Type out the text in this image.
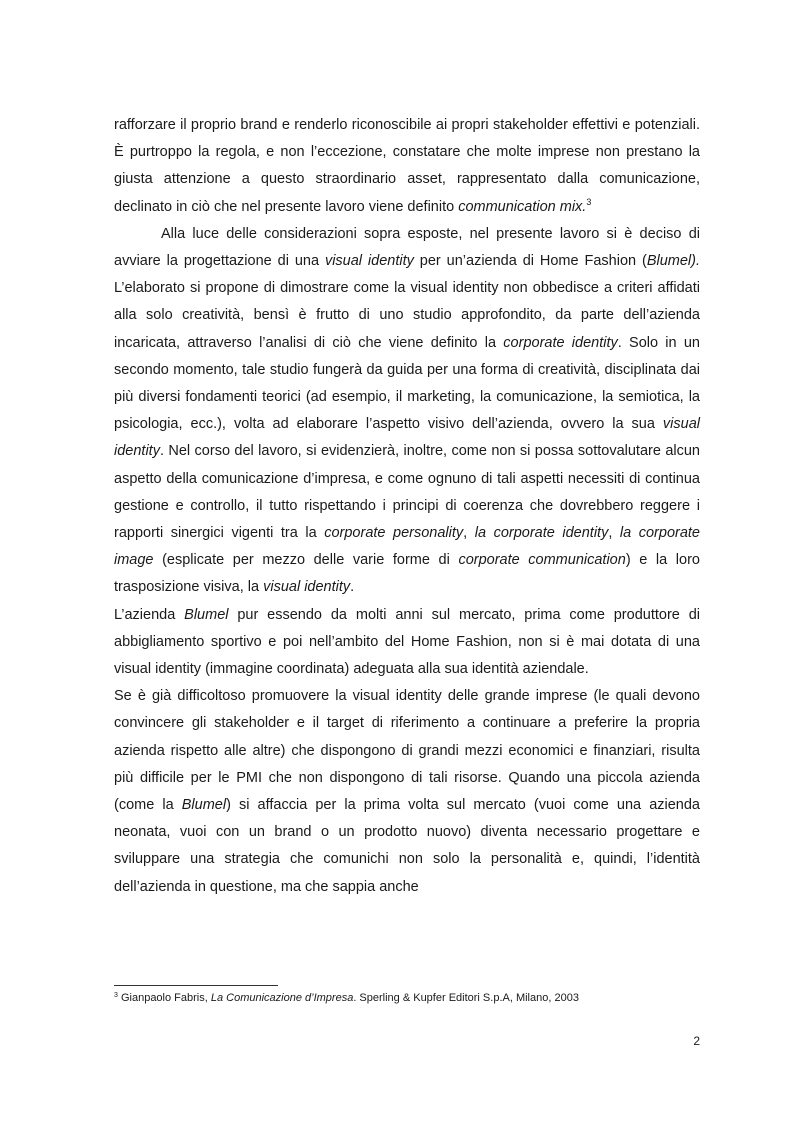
rafforzare il proprio brand e renderlo riconoscibile ai propri stakeholder effettivi e potenziali. È purtroppo la regola, e non l’eccezione, constatare che molte imprese non prestano la giusta attenzione a questo straordinario asset, rappresentato dalla comunicazione, declinato in ciò che nel presente lavoro viene definito communication mix.$^3$

Alla luce delle considerazioni sopra esposte, nel presente lavoro si è deciso di avviare la progettazione di una visual identity per un’azienda di Home Fashion (Blumel). L’elaborato si propone di dimostrare come la visual identity non obbedisce a criteri affidati alla solo creatività, bensì è frutto di uno studio approfondito, da parte dell’azienda incaricata, attraverso l’analisi di ciò che viene definito la corporate identity. Solo in un secondo momento, tale studio fungerà da guida per una forma di creatività, disciplinata dai più diversi fondamenti teorici (ad esempio, il marketing, la comunicazione, la semiotica, la psicologia, ecc.), volta ad elaborare l’aspetto visivo dell’azienda, ovvero la sua visual identity. Nel corso del lavoro, si evidenzierà, inoltre, come non si possa sottovalutare alcun aspetto della comunicazione d’impresa, e come ognuno di tali aspetti necessiti di continua gestione e controllo, il tutto rispettando i principi di coerenza che dovrebbero reggere i rapporti sinergici vigenti tra la corporate personality, la corporate identity, la corporate image (esplicate per mezzo delle varie forme di corporate communication) e la loro trasposizione visiva, la visual identity.

L’azienda Blumel pur essendo da molti anni sul mercato, prima come produttore di abbigliamento sportivo e poi nell’ambito del Home Fashion, non si è mai dotata di una visual identity (immagine coordinata) adeguata alla sua identità aziendale.

Se è già difficoltoso promuovere la visual identity delle grande imprese (le quali devono convincere gli stakeholder e il target di riferimento a continuare a preferire la propria azienda rispetto alle altre) che dispongono di grandi mezzi economici e finanziari, risulta più difficile per le PMI che non dispongono di tali risorse. Quando una piccola azienda (come la Blumel) si affaccia per la prima volta sul mercato (vuoi come una azienda neonata, vuoi con un brand o un prodotto nuovo) diventa necessario progettare e sviluppare una strategia che comunichi non solo la personalità e, quindi, l’identità dell’azienda in questione, ma che sappia anche

$^3$ Gianpaolo Fabris, La Comunicazione d’Impresa. Sperling & Kupfer Editori S.p.A, Milano, 2003

2
